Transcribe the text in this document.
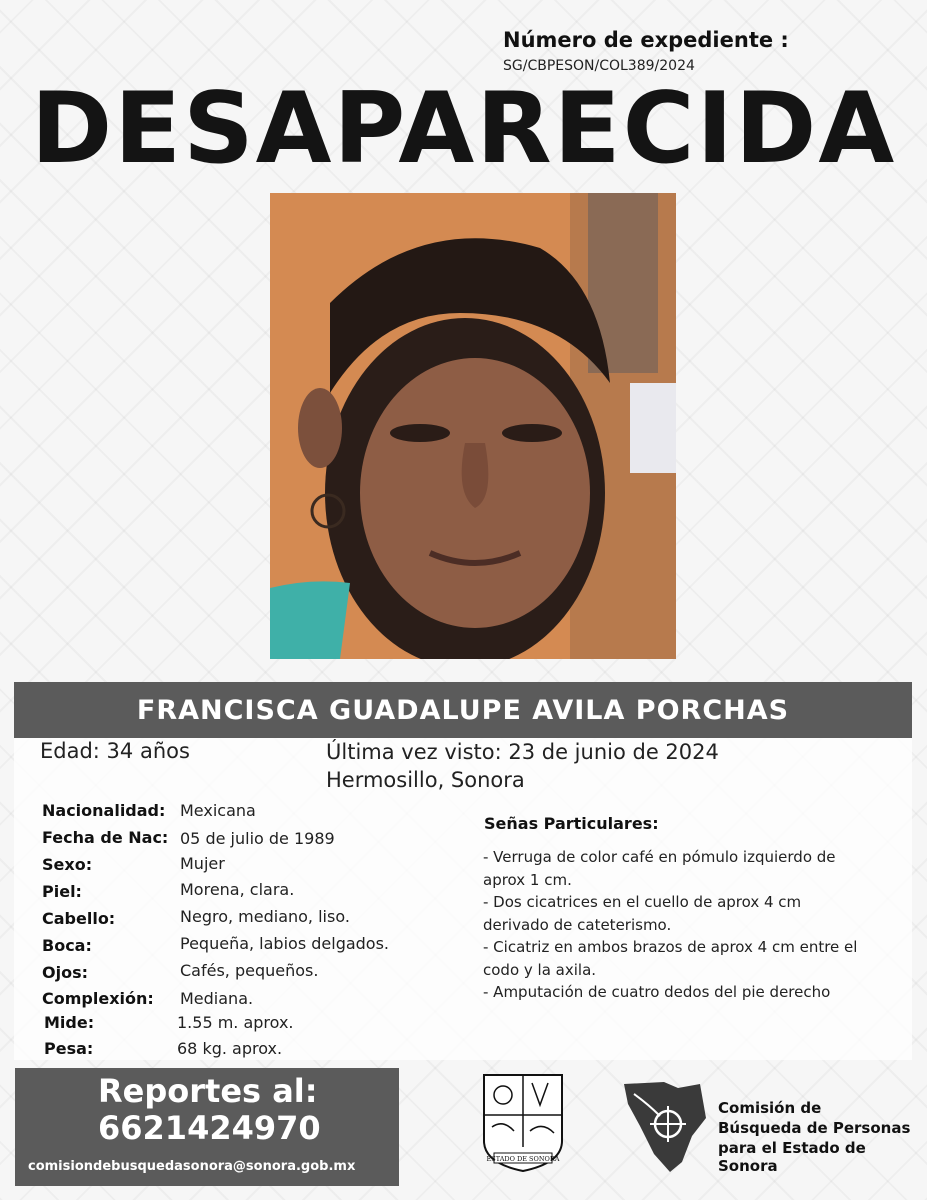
Número de expediente :
SG/CBPESON/COL389/2024
DESAPARECIDA
FRANCISCA GUADALUPE AVILA PORCHAS
Edad: 34 años	Última vez visto: 23 de junio de 2024
Hermosillo, Sonora
Nacionalidad: Mexicana
Fecha de Nac: 05 de julio de 1989
Sexo:	Mujer
Piel:	Morena, clara.
Cabello:	Negro, mediano, liso.
Boca:	Pequeña, labios delgados.
Ojos:	Cafés, pequeños.
Complexión: Mediana.
Mide:	1.55 m. aprox.
Pesa:	68 kg. aprox.
Señas Particulares:
- Verruga de color café en pómulo izquierdo de
aprox 1 cm.
- Dos cicatrices en el cuello de aprox 4 cm
derivado de cateterismo.
- Cicatriz en ambos brazos de aprox 4 cm entre el
codo y la axila.
- Amputación de cuatro dedos del pie derecho
Reportes al:
6621424970
comisiondebusquedasonora@sonora.gob.mx	ESTADO DE SONORA
Comisión de
Búsqueda de Personas
para el Estado de Sonora
